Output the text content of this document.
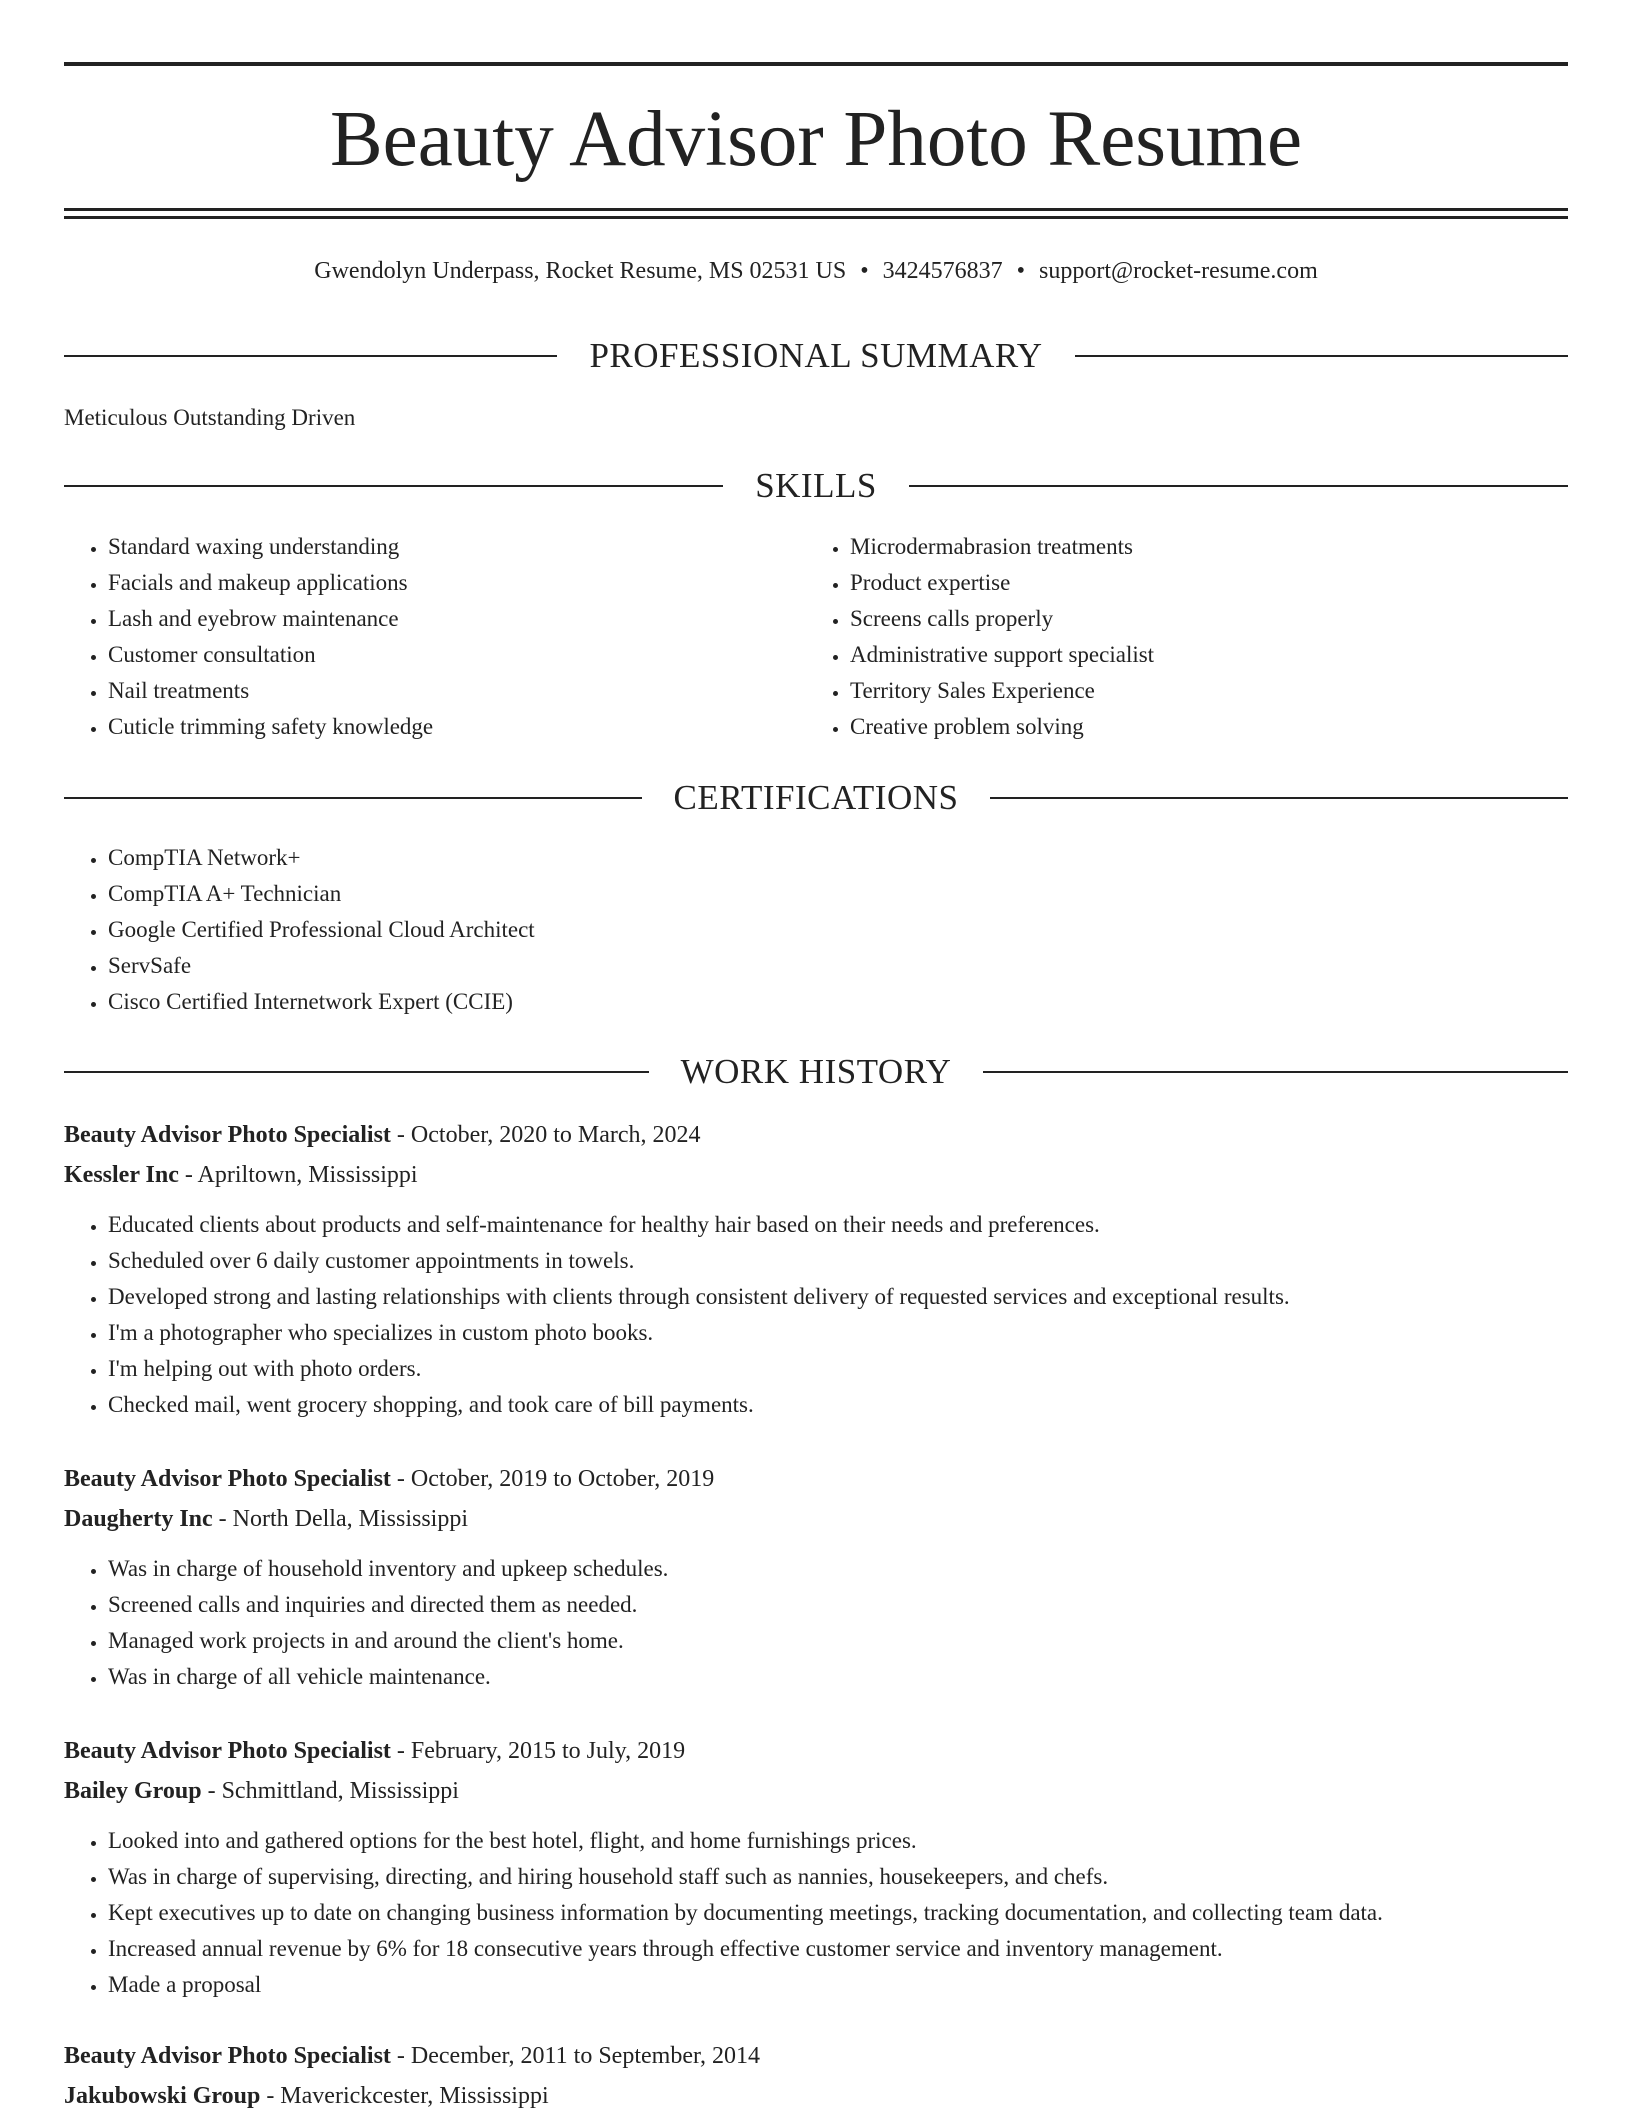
Beauty Advisor Photo Resume
Gwendolyn Underpass, Rocket Resume, MS 02531 US • 3424576837 • support@rocket-resume.com
PROFESSIONAL SUMMARY
Meticulous Outstanding Driven
SKILLS
• Standard waxing understanding
• Facials and makeup applications
• Lash and eyebrow maintenance
• Customer consultation
• Nail treatments
• Cuticle trimming safety knowledge
• Microdermabrasion treatments
• Product expertise
• Screens calls properly
• Administrative support specialist
• Territory Sales Experience
• Creative problem solving
CERTIFICATIONS
• CompTIA Network+
• CompTIA A+ Technician
• Google Certified Professional Cloud Architect
• ServSafe
• Cisco Certified Internetwork Expert (CCIE)
WORK HISTORY
Beauty Advisor Photo Specialist - October, 2020 to March, 2024
Kessler Inc - Apriltown, Mississippi
• Educated clients about products and self-maintenance for healthy hair based on their needs and preferences.
• Scheduled over 6 daily customer appointments in towels.
• Developed strong and lasting relationships with clients through consistent delivery of requested services and exceptional results.
• I'm a photographer who specializes in custom photo books.
• I'm helping out with photo orders.
• Checked mail, went grocery shopping, and took care of bill payments.
Beauty Advisor Photo Specialist - October, 2019 to October, 2019
Daugherty Inc - North Della, Mississippi
• Was in charge of household inventory and upkeep schedules.
• Screened calls and inquiries and directed them as needed.
• Managed work projects in and around the client's home.
• Was in charge of all vehicle maintenance.
Beauty Advisor Photo Specialist - February, 2015 to July, 2019
Bailey Group - Schmittland, Mississippi
• Looked into and gathered options for the best hotel, flight, and home furnishings prices.
• Was in charge of supervising, directing, and hiring household staff such as nannies, housekeepers, and chefs.
• Kept executives up to date on changing business information by documenting meetings, tracking documentation, and collecting team data.
• Increased annual revenue by 6% for 18 consecutive years through effective customer service and inventory management.
• Made a proposal
Beauty Advisor Photo Specialist - December, 2011 to September, 2014
Jakubowski Group - Maverickcester, Mississippi
